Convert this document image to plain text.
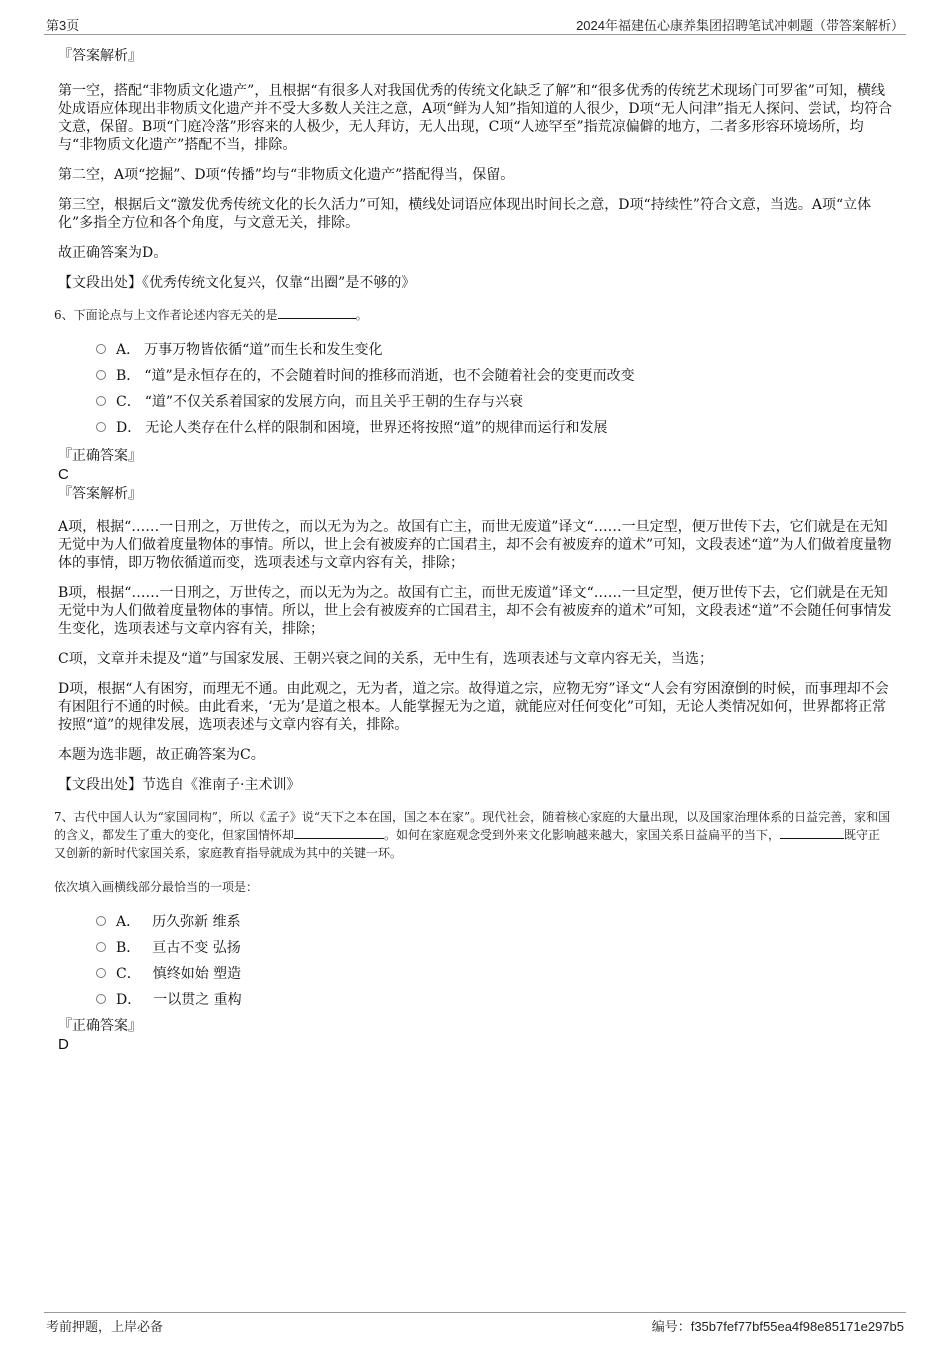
第3页	2024年福建伍心康养集团招聘笔试冲刺题（带答案解析）

『答案解析』

第一空，搭配“非物质文化遗产”，且根据“有很多人对我国优秀的传统文化缺乏了解”和“很多优秀的传统艺术现场门可罗雀”可知，横线处成语应体现出非物质文化遗产并不受大多数人关注之意，A项“鲜为人知”指知道的人很少，D项“无人问津”指无人探问、尝试，均符合文意，保留。B项“门庭冷落”形容来的人极少，无人拜访，无人出现，C项“人迹罕至”指荒凉偏僻的地方，二者多形容环境场所，均与“非物质文化遗产”搭配不当，排除。

第二空，A项“挖掘”、D项“传播”均与“非物质文化遗产”搭配得当，保留。

第三空，根据后文“激发优秀传统文化的长久活力”可知，横线处词语应体现出时间长之意，D项“持续性”符合文意，当选。A项“立体化”多指全方位和各个角度，与文意无关，排除。

故正确答案为D。

【文段出处】《优秀传统文化复兴，仅靠“出圈”是不够的》

6、下面论点与上文作者论述内容无关的是	。

A． 万事万物皆依循“道”而生长和发生变化
B． “道”是永恒存在的，不会随着时间的推移而消逝，也不会随着社会的变更而改变
C． “道”不仅关系着国家的发展方向，而且关乎王朝的生存与兴衰
D． 无论人类存在什么样的限制和困境，世界还将按照“道”的规律而运行和发展

『正确答案』

C

『答案解析』

A项，根据“……一日刑之，万世传之，而以无为为之。故国有亡主，而世无废道”译文“……一旦定型，便万世传下去，它们就是在无知无觉中为人们做着度量物体的事情。所以，世上会有被废弃的亡国君主，却不会有被废弃的道术”可知，文段表述“道”为人们做着度量物体的事情，即万物依循道而变，选项表述与文章内容有关，排除；

B项，根据“……一日刑之，万世传之，而以无为为之。故国有亡主，而世无废道”译文“……一旦定型，便万世传下去，它们就是在无知无觉中为人们做着度量物体的事情。所以，世上会有被废弃的亡国君主，却不会有被废弃的道术”可知，文段表述“道”不会随任何事情发生变化，选项表述与文章内容有关，排除；

C项，文章并未提及“道”与国家发展、王朝兴衰之间的关系，无中生有，选项表述与文章内容无关，当选；

D项，根据“人有困穷，而理无不通。由此观之，无为者，道之宗。故得道之宗，应物无穷”译文“人会有穷困潦倒的时候，而事理却不会有困阻行不通的时候。由此看来，‘无为’是道之根本。人能掌握无为之道，就能应对任何变化”可知，无论人类情况如何，世界都将正常按照“道”的规律发展，选项表述与文章内容有关，排除。

本题为选非题，故正确答案为C。

【文段出处】节选自《淮南子·主术训》

7、古代中国人认为“家国同构”，所以《孟子》说“天下之本在国，国之本在家”。现代社会，随着核心家庭的大量出现，以及国家治理体系的日益完善，家和国的含义，都发生了重大的变化，但家国情怀却	。如何在家庭观念受到外来文化影响越来越大，家国关系日益扁平的当下，	既守正又创新的新时代家国关系，家庭教育指导就成为其中的关键一环。

依次填入画横线部分最恰当的一项是：

A． 历久弥新 维系
B． 亘古不变 弘扬
C． 慎终如始 塑造
D． 一以贯之 重构

『正确答案』

D

考前押题，上岸必备	编号：f35b7fef77bf55ea4f98e85171e297b5
